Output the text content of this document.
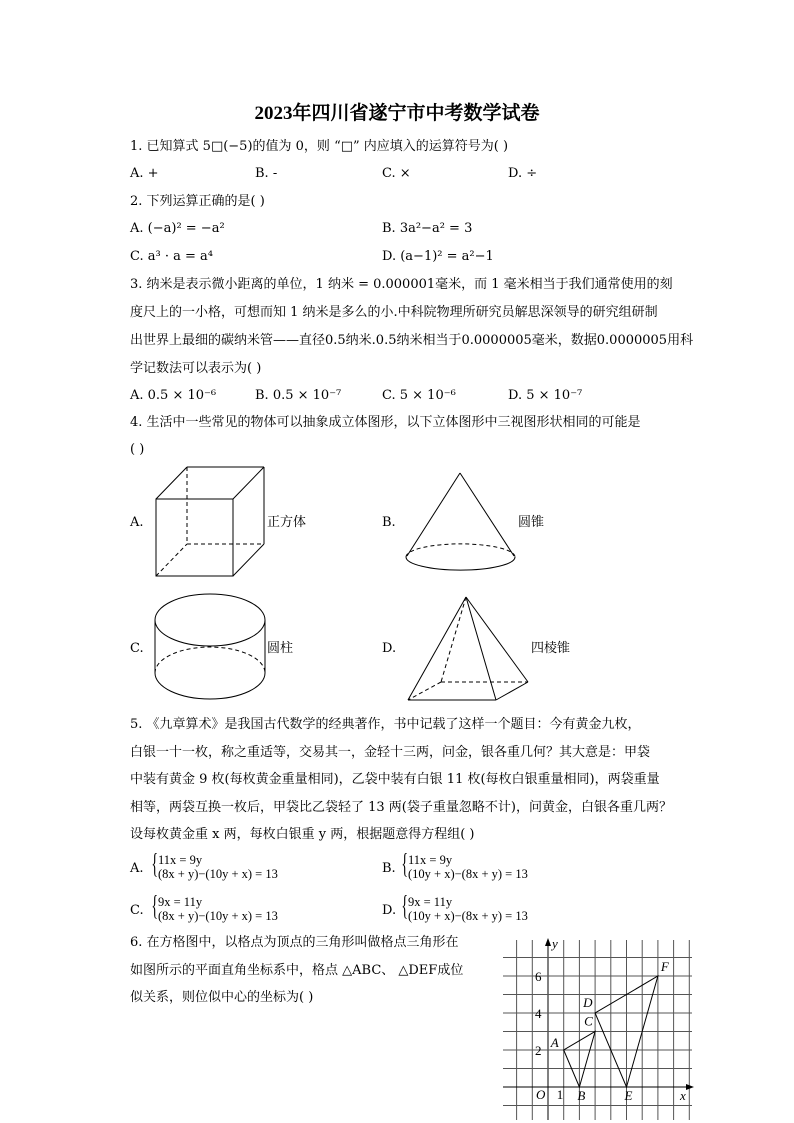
2023年四川省遂宁市中考数学试卷
1. 已知算式 5□(−5)的值为 0，则 “□” 内应填入的运算符号为( )
A. +	B. -	C. ×	D. ÷
2. 下列运算正确的是( )
A. (−a)² = −a²	B. 3a²−a² = 3
C. a³ · a = a⁴	D. (a−1)² = a²−1
3. 纳米是表示微小距离的单位，1 纳米 = 0.000001毫米，而 1 毫米相当于我们通常使用的刻
度尺上的一小格，可想而知 1 纳米是多么的小.中科院物理所研究员解思深领导的研究组研制
出世界上最细的碳纳米管——直径0.5纳米.0.5纳米相当于0.0000005毫米，数据0.0000005用科
学记数法可以表示为( )
A. 0.5 × 10⁻⁶	B. 0.5 × 10⁻⁷	C. 5 × 10⁻⁶	D. 5 × 10⁻⁷
4. 生活中一些常见的物体可以抽象成立体图形，以下立体图形中三视图形状相同的可能是
( )
A.	正方体	B.	圆锥
C.	圆柱	D.	四棱锥
5. 《九章算术》是我国古代数学的经典著作，书中记载了这样一个题目：今有黄金九枚，
白银一十一枚，称之重适等，交易其一，金轻十三两，问金，银各重几何？其大意是：甲袋
中装有黄金 9 枚(每枚黄金重量相同)，乙袋中装有白银 11 枚(每枚白银重量相同)，两袋重量
相等，两袋互换一枚后，甲袋比乙袋轻了 13 两(袋子重量忽略不计)，问黄金，白银各重几两？
设每枚黄金重 x 两，每枚白银重 y 两，根据题意得方程组( )
A. { 11x = 9y
(8x + y)−(10y + x) = 13	B. { 11x = 9y
(10y + x)−(8x + y) = 13
C. { 9x = 11y
(8x + y)−(10y + x) = 13	D. { 9x = 11y
(10y + x)−(8x + y) = 13
6. 在方格图中，以格点为顶点的三角形叫做格点三角形在
如图所示的平面直角坐标系中，格点 △ABC、 △DEF成位
似关系，则位似中心的坐标为( )
y
x
O 1
2
4
6
A
B
C
D
E
F
